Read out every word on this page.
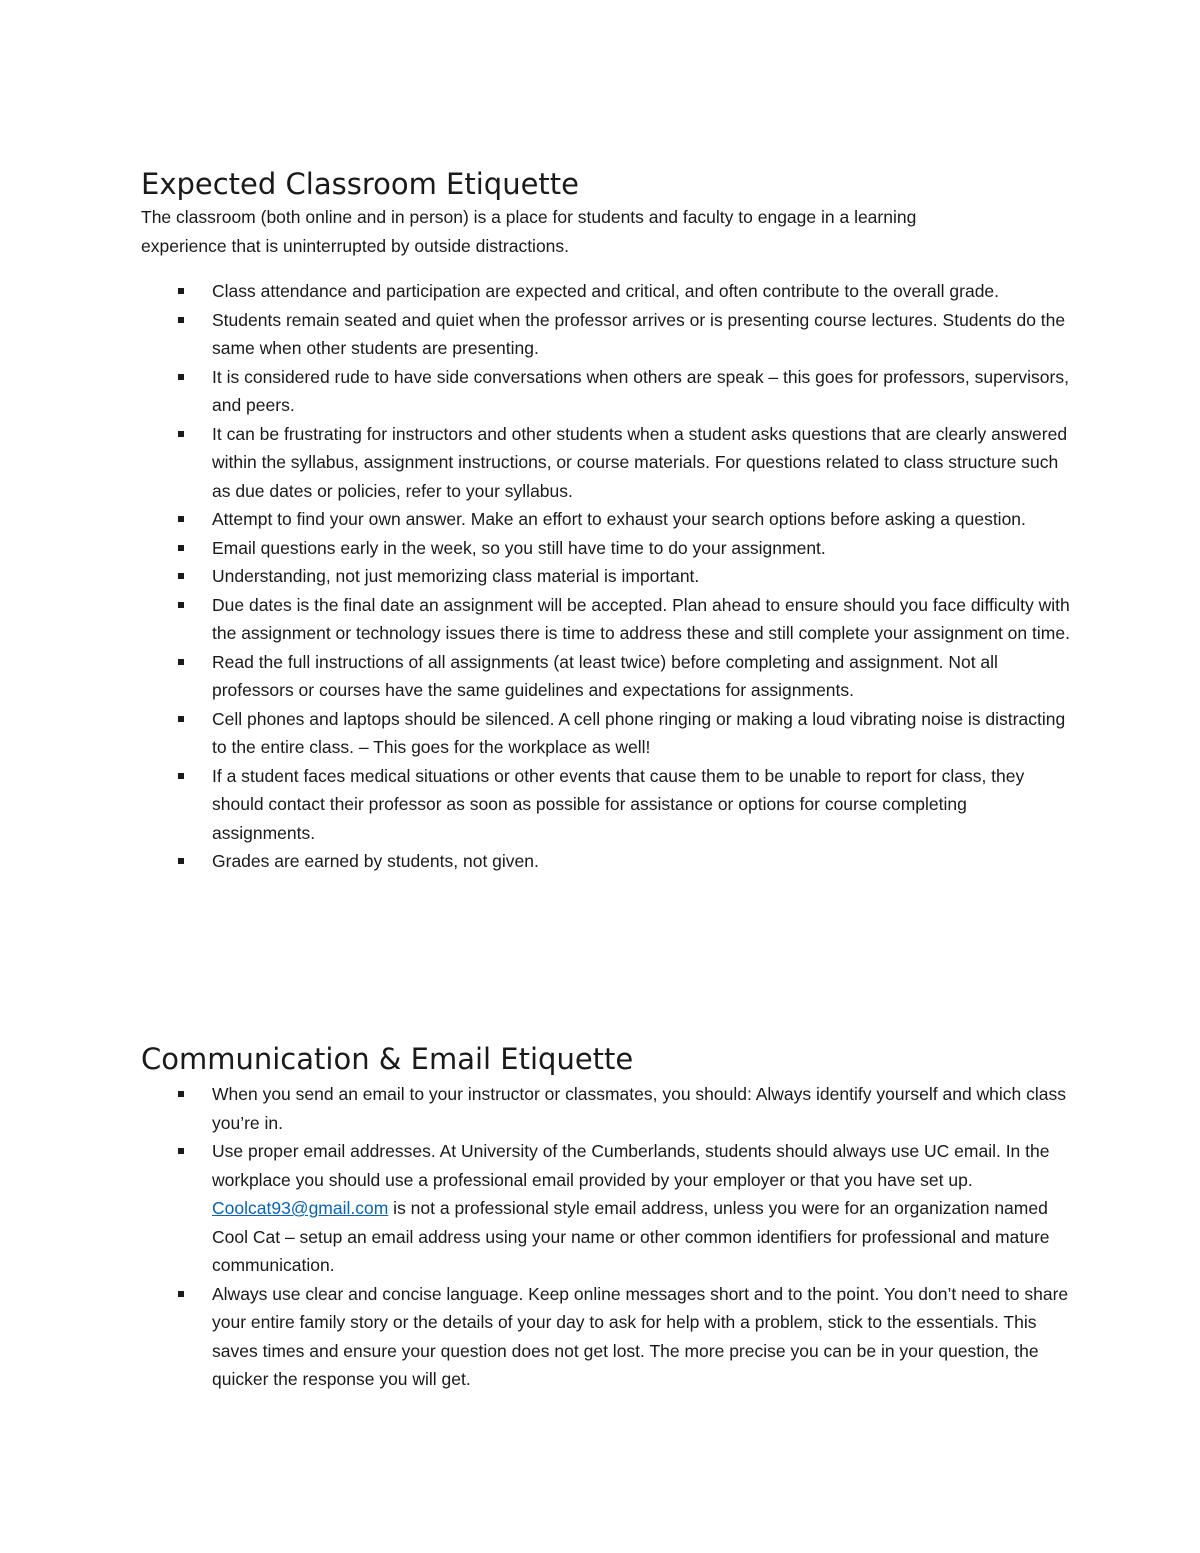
Expected Classroom Etiquette

The classroom (both online and in person) is a place for students and faculty to engage in a learning
experience that is uninterrupted by outside distractions.

Class attendance and participation are expected and critical, and often contribute to the overall grade.
Students remain seated and quiet when the professor arrives or is presenting course lectures. Students do the same when other students are presenting.
It is considered rude to have side conversations when others are speak – this goes for professors, supervisors, and peers.
It can be frustrating for instructors and other students when a student asks questions that are clearly answered within the syllabus, assignment instructions, or course materials. For questions related to class structure such as due dates or policies, refer to your syllabus.
Attempt to find your own answer. Make an effort to exhaust your search options before asking a question.
Email questions early in the week, so you still have time to do your assignment.
Understanding, not just memorizing class material is important.
Due dates is the final date an assignment will be accepted. Plan ahead to ensure should you face difficulty with the assignment or technology issues there is time to address these and still complete your assignment on time.
Read the full instructions of all assignments (at least twice) before completing and assignment. Not all professors or courses have the same guidelines and expectations for assignments.
Cell phones and laptops should be silenced. A cell phone ringing or making a loud vibrating noise is distracting to the entire class. – This goes for the workplace as well!
If a student faces medical situations or other events that cause them to be unable to report for class, they should contact their professor as soon as possible for assistance or options for course completing assignments.
Grades are earned by students, not given.
Communication & Email Etiquette
When you send an email to your instructor or classmates, you should: Always identify yourself and which class you’re in.
Use proper email addresses. At University of the Cumberlands, students should always use UC email. In the workplace you should use a professional email provided by your employer or that you have set up. Coolcat93@gmail.com is not a professional style email address, unless you were for an organization named Cool Cat – setup an email address using your name or other common identifiers for professional and mature communication.
Always use clear and concise language. Keep online messages short and to the point. You don’t need to share your entire family story or the details of your day to ask for help with a problem, stick to the essentials. This saves times and ensure your question does not get lost. The more precise you can be in your question, the quicker the response you will get.
